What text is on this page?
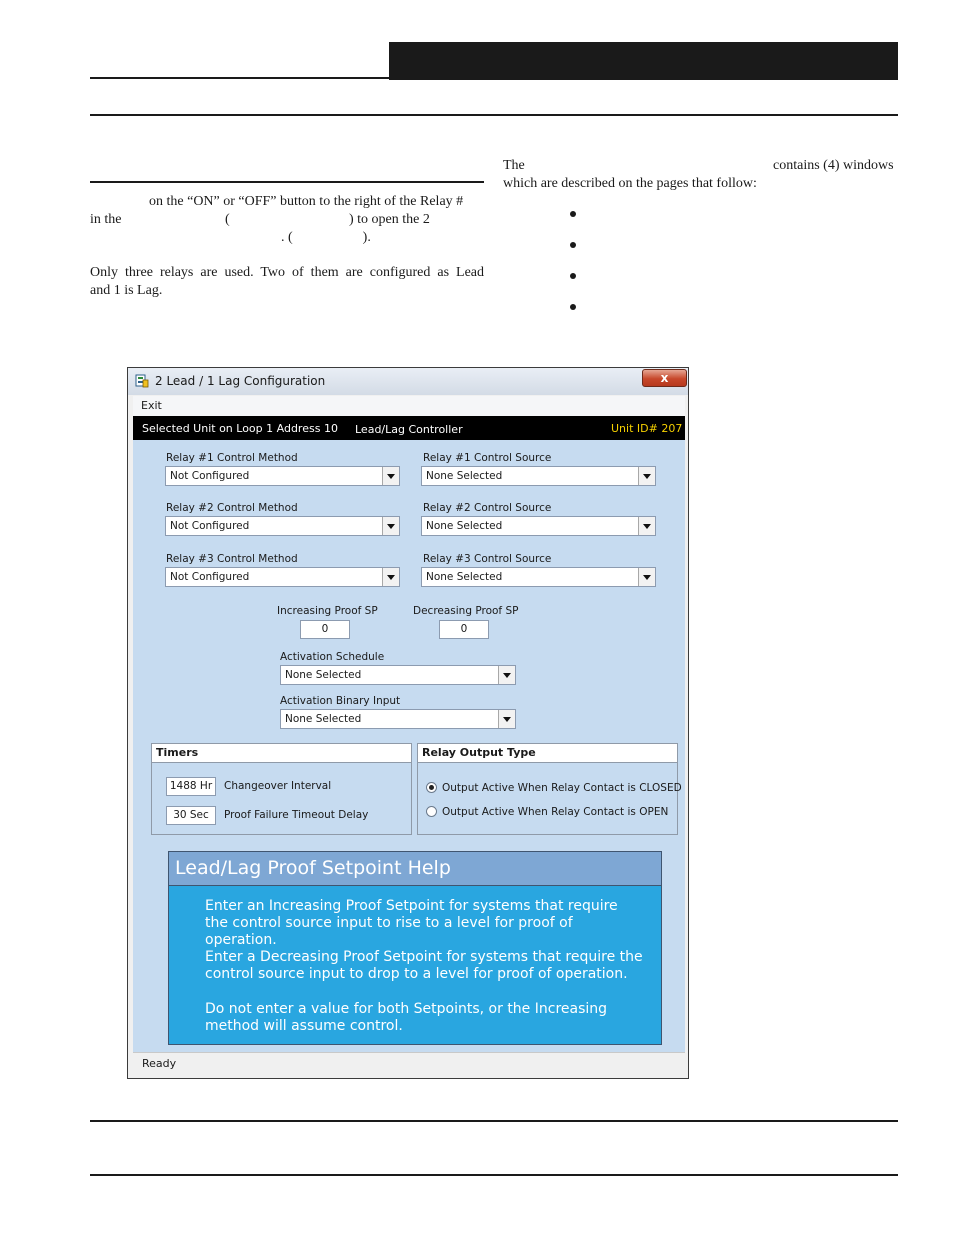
on the “ON” or “OFF” button to the right of the Relay #
in the	(	) to open the 2
. (                    ).
Only three relays are used. Two of them are configured as Lead
and 1 is Lag.
The	contains (4) windows
which are described on the pages that follow:
2 Lead / 1 Lag Configuration	x
Exit
Selected Unit on Loop 1 Address 10 Lead/Lag Controller	Unit ID# 207
Relay #1 Control Method
Not Configured
Relay #1 Control Source
None Selected
Relay #2 Control Method
Not Configured
Relay #2 Control Source
None Selected
Relay #3 Control Method
Not Configured
Relay #3 Control Source
None Selected
Increasing Proof SP
0
Decreasing Proof SP
0
Activation Schedule
None Selected
Activation Binary Input
None Selected
Timers
1488 Hr	Changeover Interval
30 Sec	Proof Failure Timeout Delay
Relay Output Type
Output Active When Relay Contact is CLOSED
Output Active When Relay Contact is OPEN
Lead/Lag Proof Setpoint Help
Enter an Increasing Proof Setpoint for systems that require the control source input to rise to a level for proof of operation.
Enter a Decreasing Proof Setpoint for systems that require the control source input to drop to a level for proof of operation.
Do not enter a value for both Setpoints, or the Increasing method will assume control.
Ready
